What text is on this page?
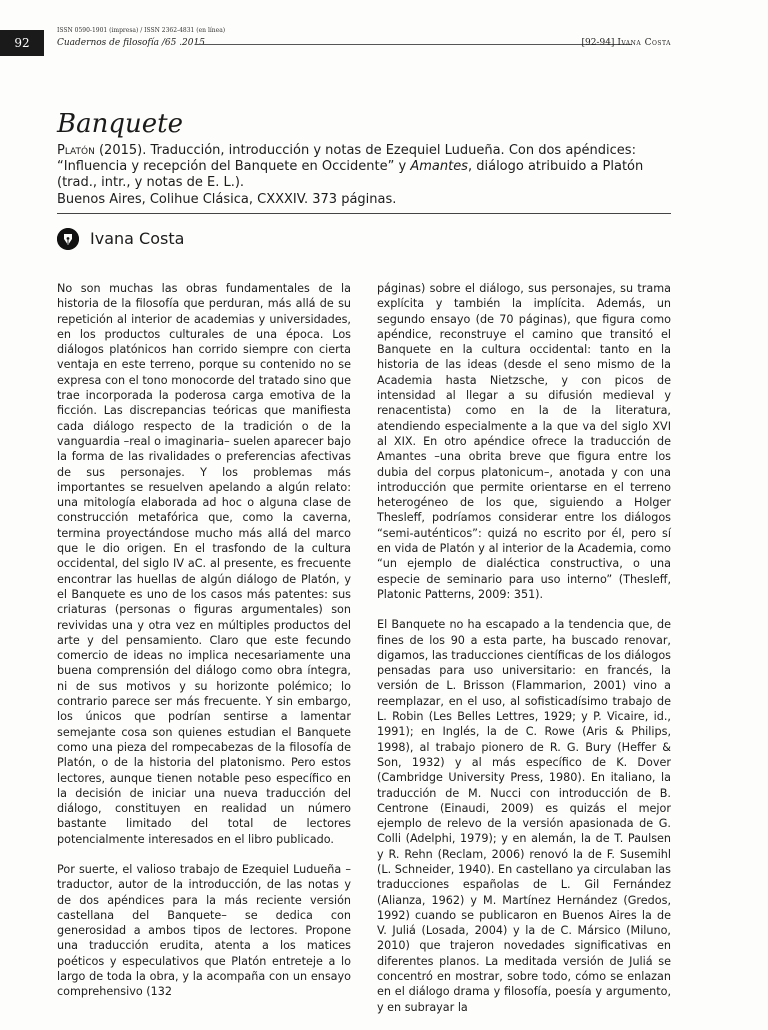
92
ISSN 0590-1901 (impresa) / ISSN 2362-4831 (en línea)
Cuadernos de filosofía /65 .2015	[92-94] Ivana Costa
Banquete
Platón (2015). Traducción, introducción y notas de Ezequiel Ludueña. Con dos apéndices: “Influencia y recepción del Banquete en Occidente” y Amantes, diálogo atribuido a Platón (trad., intr., y notas de E. L.).
Buenos Aires, Colihue Clásica, CXXXIV. 373 páginas.
Ivana Costa

No son muchas las obras fundamentales de la historia de la filosofía que perduran, más allá de su repetición al interior de academias y universidades, en los productos culturales de una época. Los diálogos platónicos han corrido siempre con cierta ventaja en este terreno, porque su contenido no se expresa con el tono monocorde del tratado sino que trae incorporada la poderosa carga emotiva de la ficción. Las discrepancias teóricas que manifiesta cada diálogo respecto de la tradición o de la vanguardia –real o imaginaria– suelen aparecer bajo la forma de las rivalidades o preferencias afectivas de sus personajes. Y los problemas más importantes se resuelven apelando a algún relato: una mitología elaborada ad hoc o alguna clase de construcción metafórica que, como la caverna, termina proyectándose mucho más allá del marco que le dio origen. En el trasfondo de la cultura occidental, del siglo IV aC. al presente, es frecuente encontrar las huellas de algún diálogo de Platón, y el Banquete es uno de los casos más patentes: sus criaturas (personas o figuras argumentales) son revividas una y otra vez en múltiples productos del arte y del pensamiento. Claro que este fecundo comercio de ideas no implica necesariamente una buena comprensión del diálogo como obra íntegra, ni de sus motivos y su horizonte polémico; lo contrario parece ser más frecuente. Y sin embargo, los únicos que podrían sentirse a lamentar semejante cosa son quienes estudian el Banquete como una pieza del rompecabezas de la filosofía de Platón, o de la historia del platonismo. Pero estos lectores, aunque tienen notable peso específico en la decisión de iniciar una nueva traducción del diálogo, constituyen en realidad un número bastante limitado del total de lectores potencialmente interesados en el libro publicado.

Por suerte, el valioso trabajo de Ezequiel Ludueña –traductor, autor de la introducción, de las notas y de dos apéndices para la más reciente versión castellana del Banquete– se dedica con generosidad a ambos tipos de lectores. Propone una traducción erudita, atenta a los matices poéticos y especulativos que Platón entreteje a lo largo de toda la obra, y la acompaña con un ensayo comprehensivo (132

páginas) sobre el diálogo, sus personajes, su trama explícita y también la implícita. Además, un segundo ensayo (de 70 páginas), que figura como apéndice, reconstruye el camino que transitó el Banquete en la cultura occidental: tanto en la historia de las ideas (desde el seno mismo de la Academia hasta Nietzsche, y con picos de intensidad al llegar a su difusión medieval y renacentista) como en la de la literatura, atendiendo especialmente a la que va del siglo XVI al XIX. En otro apéndice ofrece la traducción de Amantes –una obrita breve que figura entre los dubia del corpus platonicum–, anotada y con una introducción que permite orientarse en el terreno heterogéneo de los que, siguiendo a Holger Thesleff, podríamos considerar entre los diálogos “semi-auténticos”: quizá no escrito por él, pero sí en vida de Platón y al interior de la Academia, como “un ejemplo de dialéctica constructiva, o una especie de seminario para uso interno” (Thesleff, Platonic Patterns, 2009: 351).

El Banquete no ha escapado a la tendencia que, de fines de los 90 a esta parte, ha buscado renovar, digamos, las traducciones científicas de los diálogos pensadas para uso universitario: en francés, la versión de L. Brisson (Flammarion, 2001) vino a reemplazar, en el uso, al sofisticadísimo trabajo de L. Robin (Les Belles Lettres, 1929; y P. Vicaire, id., 1991); en Inglés, la de C. Rowe (Aris & Philips, 1998), al trabajo pionero de R. G. Bury (Heffer & Son, 1932) y al más específico de K. Dover (Cambridge University Press, 1980). En italiano, la traducción de M. Nucci con introducción de B. Centrone (Einaudi, 2009) es quizás el mejor ejemplo de relevo de la versión apasionada de G. Colli (Adelphi, 1979); y en alemán, la de T. Paulsen y R. Rehn (Reclam, 2006) renovó la de F. Susemihl (L. Schneider, 1940). En castellano ya circulaban las traducciones españolas de L. Gil Fernández (Alianza, 1962) y M. Martínez Hernández (Gredos, 1992) cuando se publicaron en Buenos Aires la de V. Juliá (Losada, 2004) y la de C. Mársico (Miluno, 2010) que trajeron novedades significativas en diferentes planos. La meditada versión de Juliá se concentró en mostrar, sobre todo, cómo se enlazan en el diálogo drama y filosofía, poesía y argumento, y en subrayar la
